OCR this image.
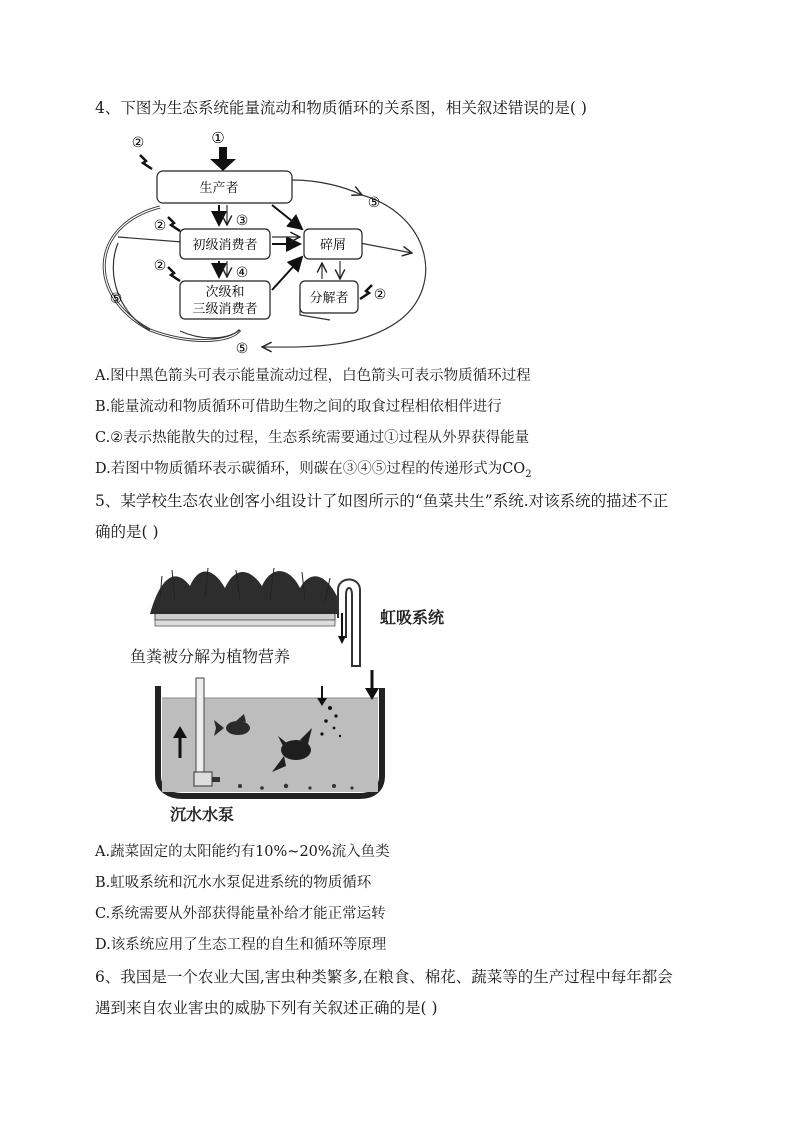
4、下图为生态系统能量流动和物质循环的关系图，相关叙述错误的是( )
生产者
初级消费者	碎屑
次级和
三级消费者
分解者
①
③
④
⑤
⑤
⑤
②
②
②
②
A.图中黑色箭头可表示能量流动过程，白色箭头可表示物质循环过程
B.能量流动和物质循环可借助生物之间的取食过程相依相伴进行
C.②表示热能散失的过程，生态系统需要通过①过程从外界获得能量
D.若图中物质循环表示碳循环，则碳在③④⑤过程的传递形式为$CO_2$
5、某学校生态农业创客小组设计了如图所示的“鱼菜共生”系统.对该系统的描述不正
确的是( )
虹吸系统
鱼粪被分解为植物营养
沉水水泵
A.蔬菜固定的太阳能约有10%~20%流入鱼类
B.虹吸系统和沉水水泵促进系统的物质循环
C.系统需要从外部获得能量补给才能正常运转
D.该系统应用了生态工程的自生和循环等原理
6、我国是一个农业大国,害虫种类繁多,在粮食、棉花、蔬菜等的生产过程中每年都会
遇到来自农业害虫的威胁下列有关叙述正确的是( )
